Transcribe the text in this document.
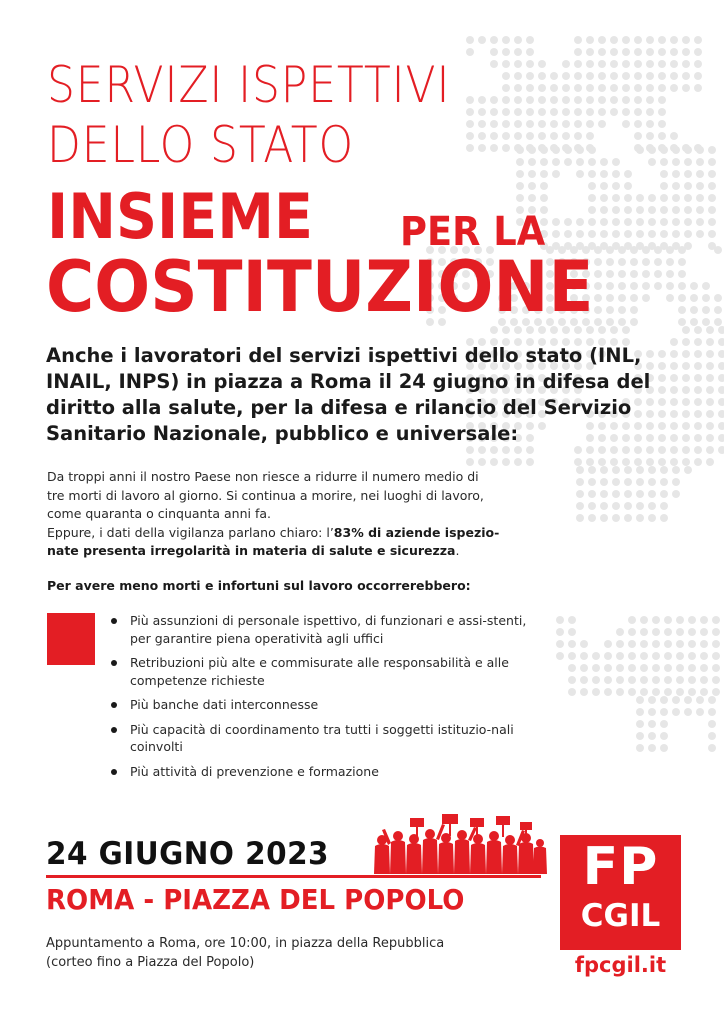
SERVIZI ISPETTIVI
DELLO STATO
INSIEME PER LA
COSTITUZIONE
Anche i lavoratori del servizi ispettivi dello stato (INL, INAIL, INPS) in piazza a Roma il 24 giugno in difesa del diritto alla salute, per la difesa e rilancio del Servizio Sanitario Nazionale, pubblico e universale:
Da troppi anni il nostro Paese non riesce a ridurre il numero medio di
tre morti di lavoro al giorno. Si continua a morire, nei luoghi di lavoro,
come quaranta o cinquanta anni fa.
Eppure, i dati della vigilanza parlano chiaro: l’83% di aziende ispezio-
nate presenta irregolarità in materia di salute e sicurezza.
Per avere meno morti e infortuni sul lavoro occorrerebbero:
Più assunzioni di personale ispettivo, di funzionari e assi-stenti, per garantire piena operatività agli uffici
Retribuzioni più alte e commisurate alle responsabilità e alle competenze richieste
Più banche dati interconnesse
Più capacità di coordinamento tra tutti i soggetti istituzio-nali coinvolti
Più attività di prevenzione e formazione
24 GIUGNO 2023
ROMA - PIAZZA DEL POPOLO
Appuntamento a Roma, ore 10:00, in piazza della Repubblica
(corteo fino a Piazza del Popolo)
FP
CGIL
fpcgil.it
